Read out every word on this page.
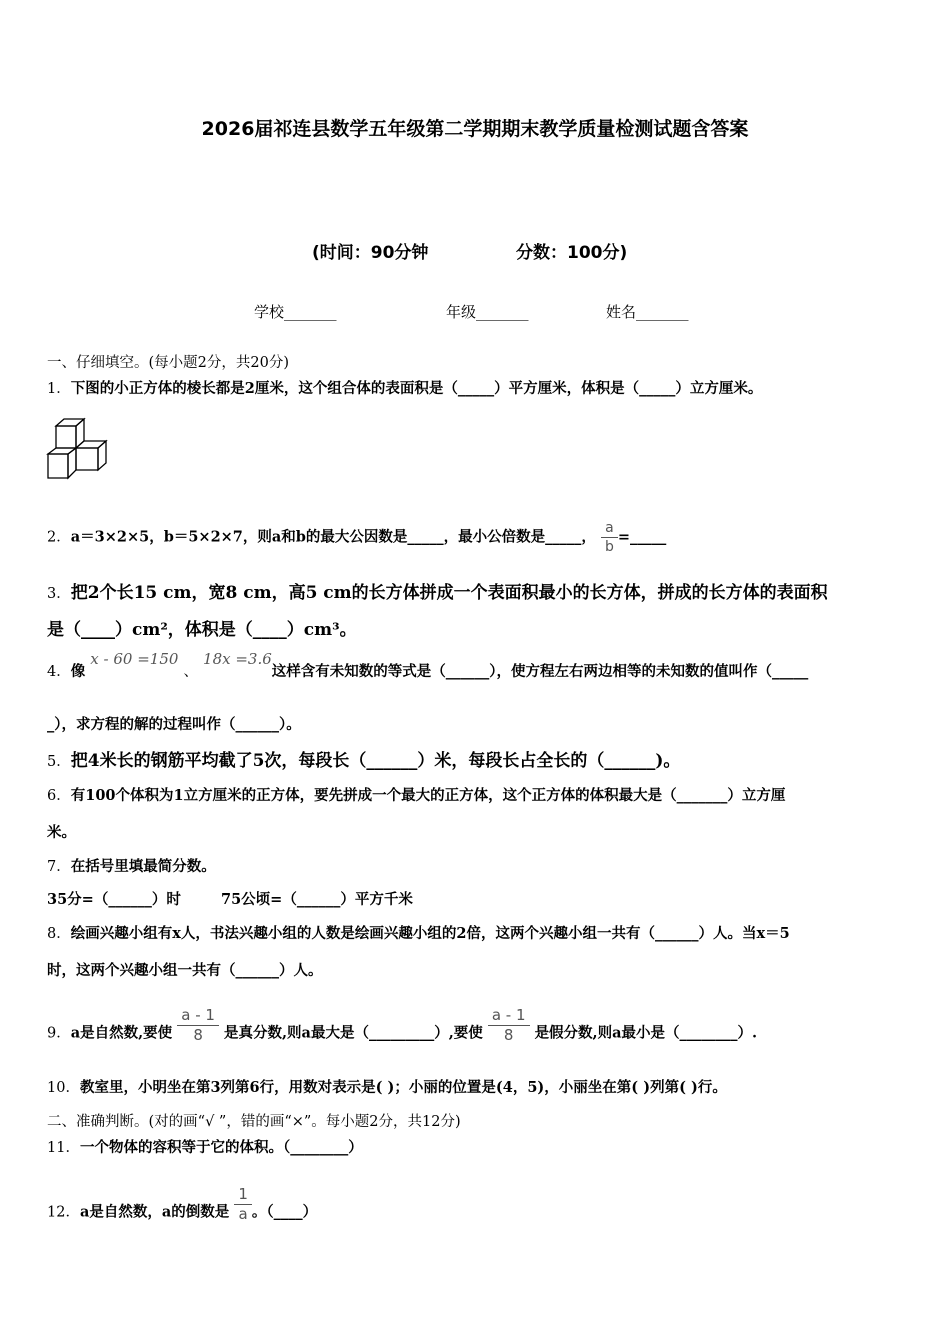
2026届祁连县数学五年级第二学期期末教学质量检测试题含答案
(时间：90分钟	分数：100分)
学校_______	年级_______	姓名_______
一、仔细填空。(每小题2分，共20分)
1．下图的小正方体的棱长都是2厘米，这个组合体的表面积是（_____）平方厘米，体积是（_____）立方厘米。
2．a＝3×2×5，b＝5×2×7，则a和b的最大公因数是_____，最小公倍数是_____， $\frac{a}{b}$ =_____
3．把2个长15 cm，宽8 cm，高5 cm的长方体拼成一个表面积最小的长方体，拼成的长方体的表面积
是（____）cm²，体积是（____）cm³。
4．像 x - 60 =150 、 18x =3.6这样含有未知数的等式是（______），使方程左右两边相等的未知数的值叫作（_____
_），求方程的解的过程叫作（______）。
5．把4米长的钢筋平均截了5次，每段长（______）米，每段长占全长的（______)。
6．有100个体积为1立方厘米的正方体，要先拼成一个最大的正方体，这个正方体的体积最大是（_______）立方厘
米。
7．在括号里填最简分数。
35分=（______）时	75公顷=（______）平方千米
8．绘画兴趣小组有x人，书法兴趣小组的人数是绘画兴趣小组的2倍，这两个兴趣小组一共有（______）人。当x＝5
时，这两个兴趣小组一共有（______）人。
9．a是自然数,要使 $\frac{a - 1}{8}$ 是真分数,则a最大是（_________）,要使 $\frac{a - 1}{8}$ 是假分数,则a最小是（________）.
10．教室里，小明坐在第3列第6行，用数对表示是( )；小丽的位置是(4，5)，小丽坐在第( )列第( )行。
二、准确判断。(对的画“√ ”，错的画“×”。每小题2分，共12分)
11．一个物体的容积等于它的体积。（________）
12．a是自然数，a的倒数是 $\frac{1}{a}$ 。（____）
